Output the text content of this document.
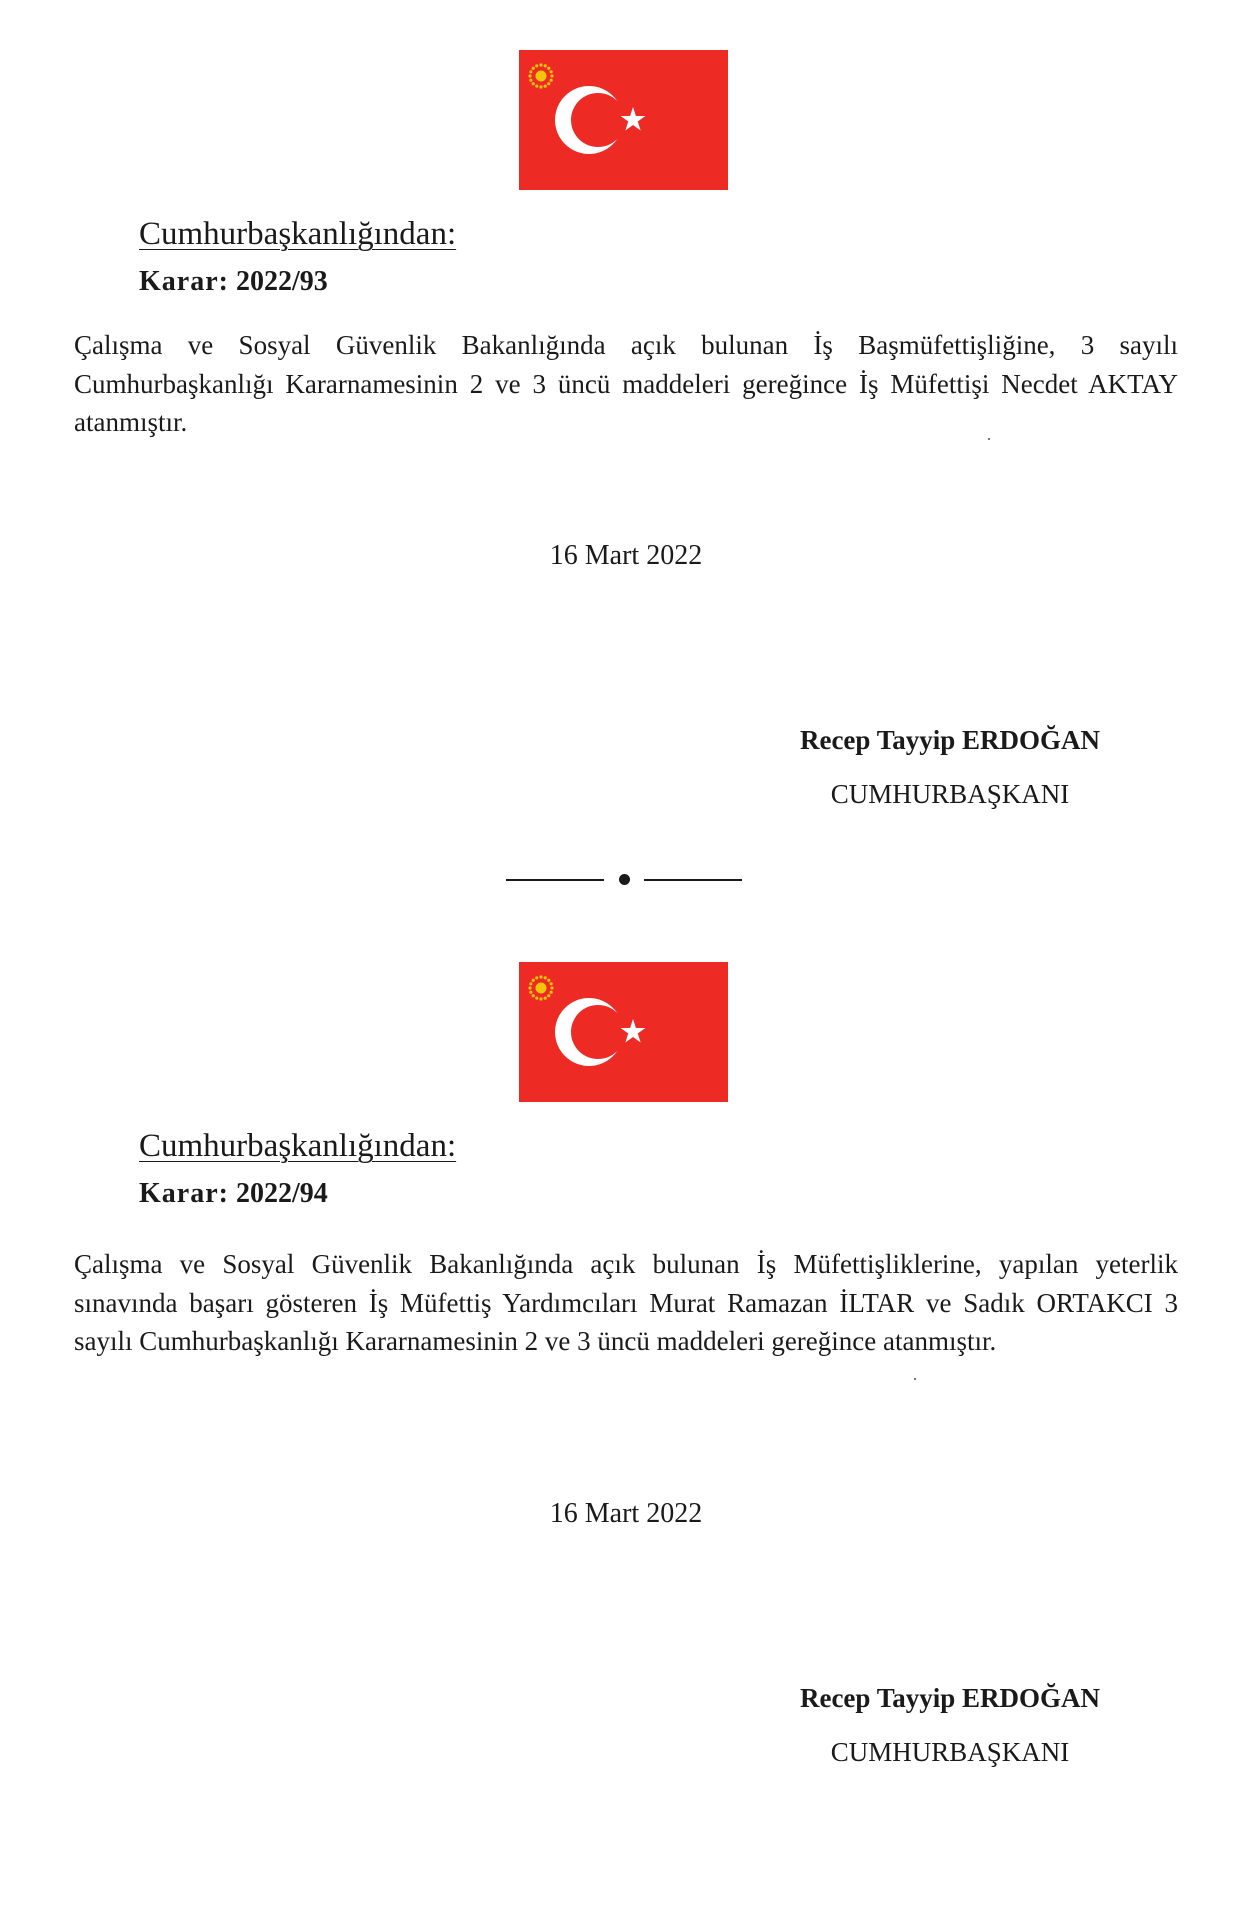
Cumhurbaşkanlığından:
Karar: 2022/93
Çalışma ve Sosyal Güvenlik Bakanlığında açık bulunan İş Başmüfettişliğine, 3 sayılı Cumhurbaşkanlığı Kararnamesinin 2 ve 3 üncü maddeleri gereğince İş Müfettişi Necdet AKTAY atanmıştır.
16 Mart 2022
Recep Tayyip ERDOĞAN
CUMHURBAŞKANI
Cumhurbaşkanlığından:
Karar: 2022/94
Çalışma ve Sosyal Güvenlik Bakanlığında açık bulunan İş Müfettişliklerine, yapılan yeterlik sınavında başarı gösteren İş Müfettiş Yardımcıları Murat Ramazan İLTAR ve Sadık ORTAKCI 3 sayılı Cumhurbaşkanlığı Kararnamesinin 2 ve 3 üncü maddeleri gereğince atanmıştır.
16 Mart 2022
Recep Tayyip ERDOĞAN
CUMHURBAŞKANI
